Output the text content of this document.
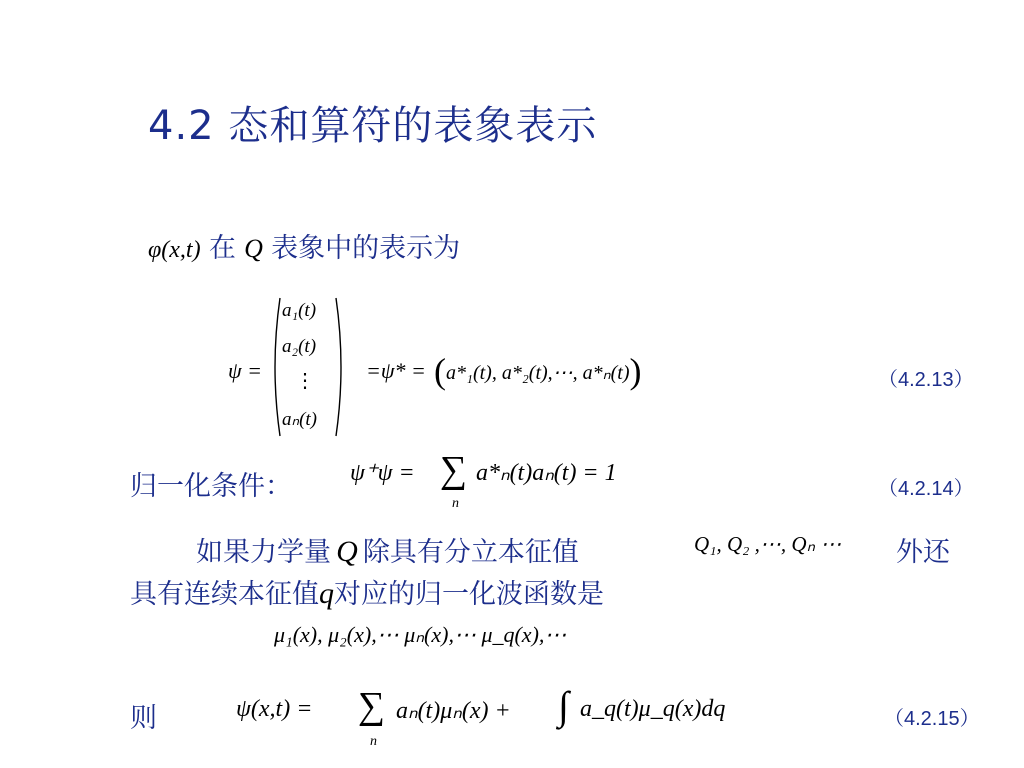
4.2 态和算符的表象表示
φ(x,t) 在 Q 表象中的表示为
ψ =
a₁(t)
a₂(t)
⋮
aₙ(t)
=ψ* = (a*₁(t), a*₂(t),⋯, a*ₙ(t))	（4.2.13）
归一化条件： ψ⁺ψ = ∑
n
a*ₙ(t)aₙ(t) = 1
（4.2.14）
如果力学量 Q 除具有分立本征值	Q₁, Q₂ ,⋯, Qₙ ⋯ 外还
具有连续本征值q对应的归一化波函数是
μ₁(x), μ₂(x),⋯ μₙ(x),⋯ μ_q(x),⋯
则	ψ(x,t) = ∑
n
aₙ(t)μₙ(x) + ∫ a_q(t)μ_q(x)dq	（4.2.15）
